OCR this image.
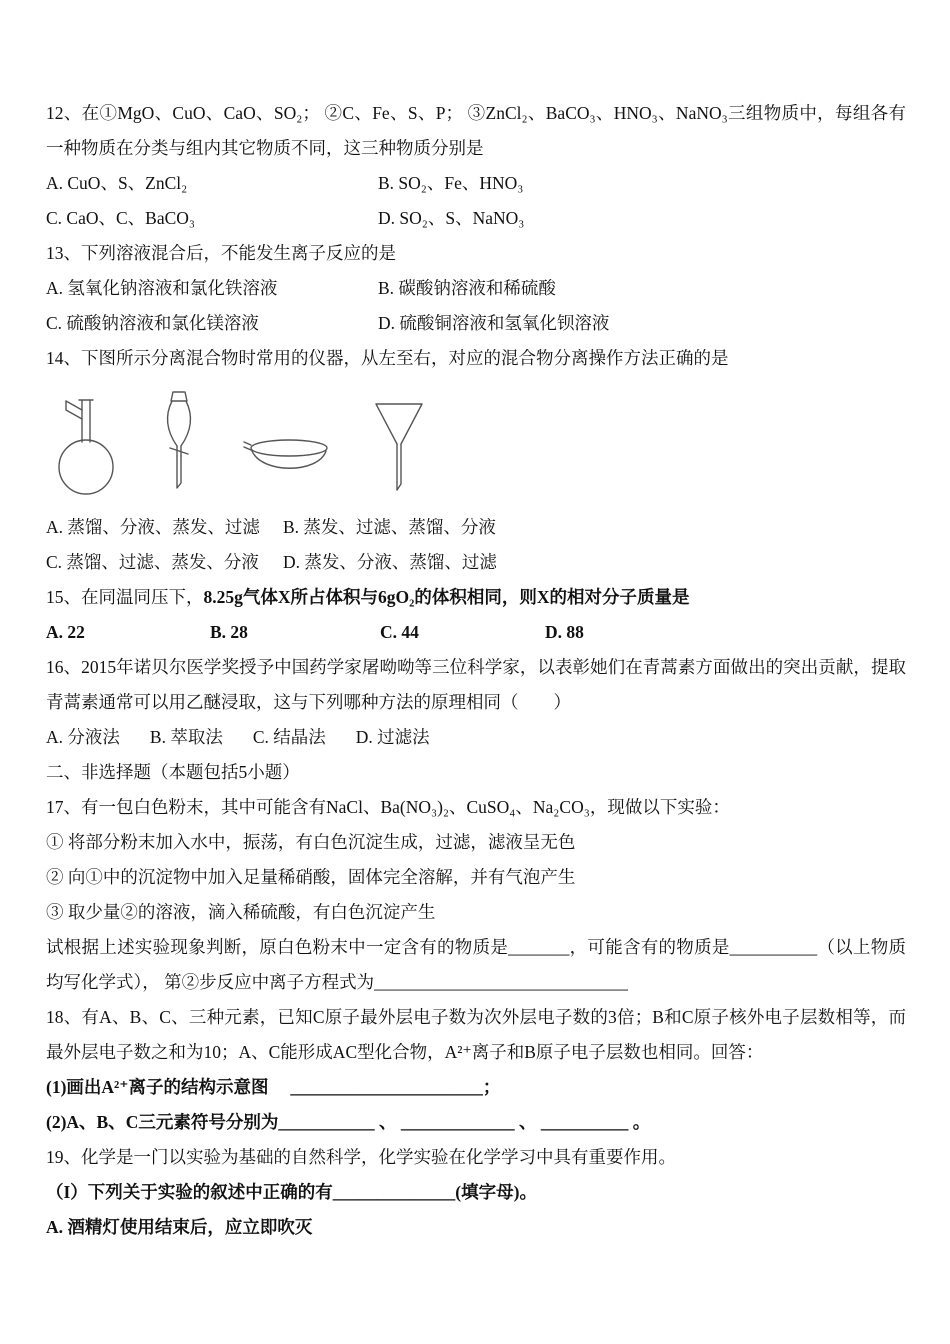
12、在①MgO、CuO、CaO、SO₂； ②C、Fe、S、P； ③ZnCl₂、BaCO₃、HNO₃、NaNO₃三组物质中，每组各有一种物质在分类与组内其它物质不同，这三种物质分别是

A. CuO、S、ZnCl₂	B. SO₂、Fe、HNO₃
C. CaO、C、BaCO₃	D. SO₂、S、NaNO₃

13、下列溶液混合后，不能发生离子反应的是

A. 氢氧化钠溶液和氯化铁溶液	B. 碳酸钠溶液和稀硫酸
C. 硫酸钠溶液和氯化镁溶液	D. 硫酸铜溶液和氢氧化钡溶液

14、下图所示分离混合物时常用的仪器，从左至右，对应的混合物分离操作方法正确的是

A. 蒸馏、分液、蒸发、过滤	B. 蒸发、过滤、蒸馏、分液
C. 蒸馏、过滤、蒸发、分液	D. 蒸发、分液、蒸馏、过滤

15、在同温同压下，8.25g气体X所占体积与6gO₂的体积相同，则X的相对分子质量是

A. 22	B. 28	C. 44	D. 88

16、2015年诺贝尔医学奖授予中国药学家屠呦呦等三位科学家，以表彰她们在青蒿素方面做出的突出贡献，提取青蒿素通常可以用乙醚浸取，这与下列哪种方法的原理相同（　　）

A. 分液法 B. 萃取法 C. 结晶法 D. 过滤法

二、非选择题（本题包括5小题）

17、有一包白色粉末，其中可能含有NaCl、Ba(NO₃)₂、CuSO₄、Na₂CO₃，现做以下实验：

① 将部分粉末加入水中，振荡，有白色沉淀生成，过滤，滤液呈无色

② 向①中的沉淀物中加入足量稀硝酸，固体完全溶解，并有气泡产生

③ 取少量②的溶液，滴入稀硫酸，有白色沉淀产生

试根据上述实验现象判断，原白色粉末中一定含有的物质是_______，可能含有的物质是__________（以上物质均写化学式）， 第②步反应中离子方程式为_____________________________

18、有A、B、C、三种元素，已知C原子最外层电子数为次外层电子数的3倍；B和C原子核外电子层数相等，而最外层电子数之和为10；A、C能形成AC型化合物，A²⁺离子和B原子电子层数也相同。回答：

(1)画出A²⁺离子的结构示意图　 ______________________；

(2)A、B、C三元素符号分别为___________ 、 _____________ 、 __________ 。

19、化学是一门以实验为基础的自然科学，化学实验在化学学习中具有重要作用。

（I）下列关于实验的叙述中正确的有______________(填字母)。

A. 酒精灯使用结束后，应立即吹灭
